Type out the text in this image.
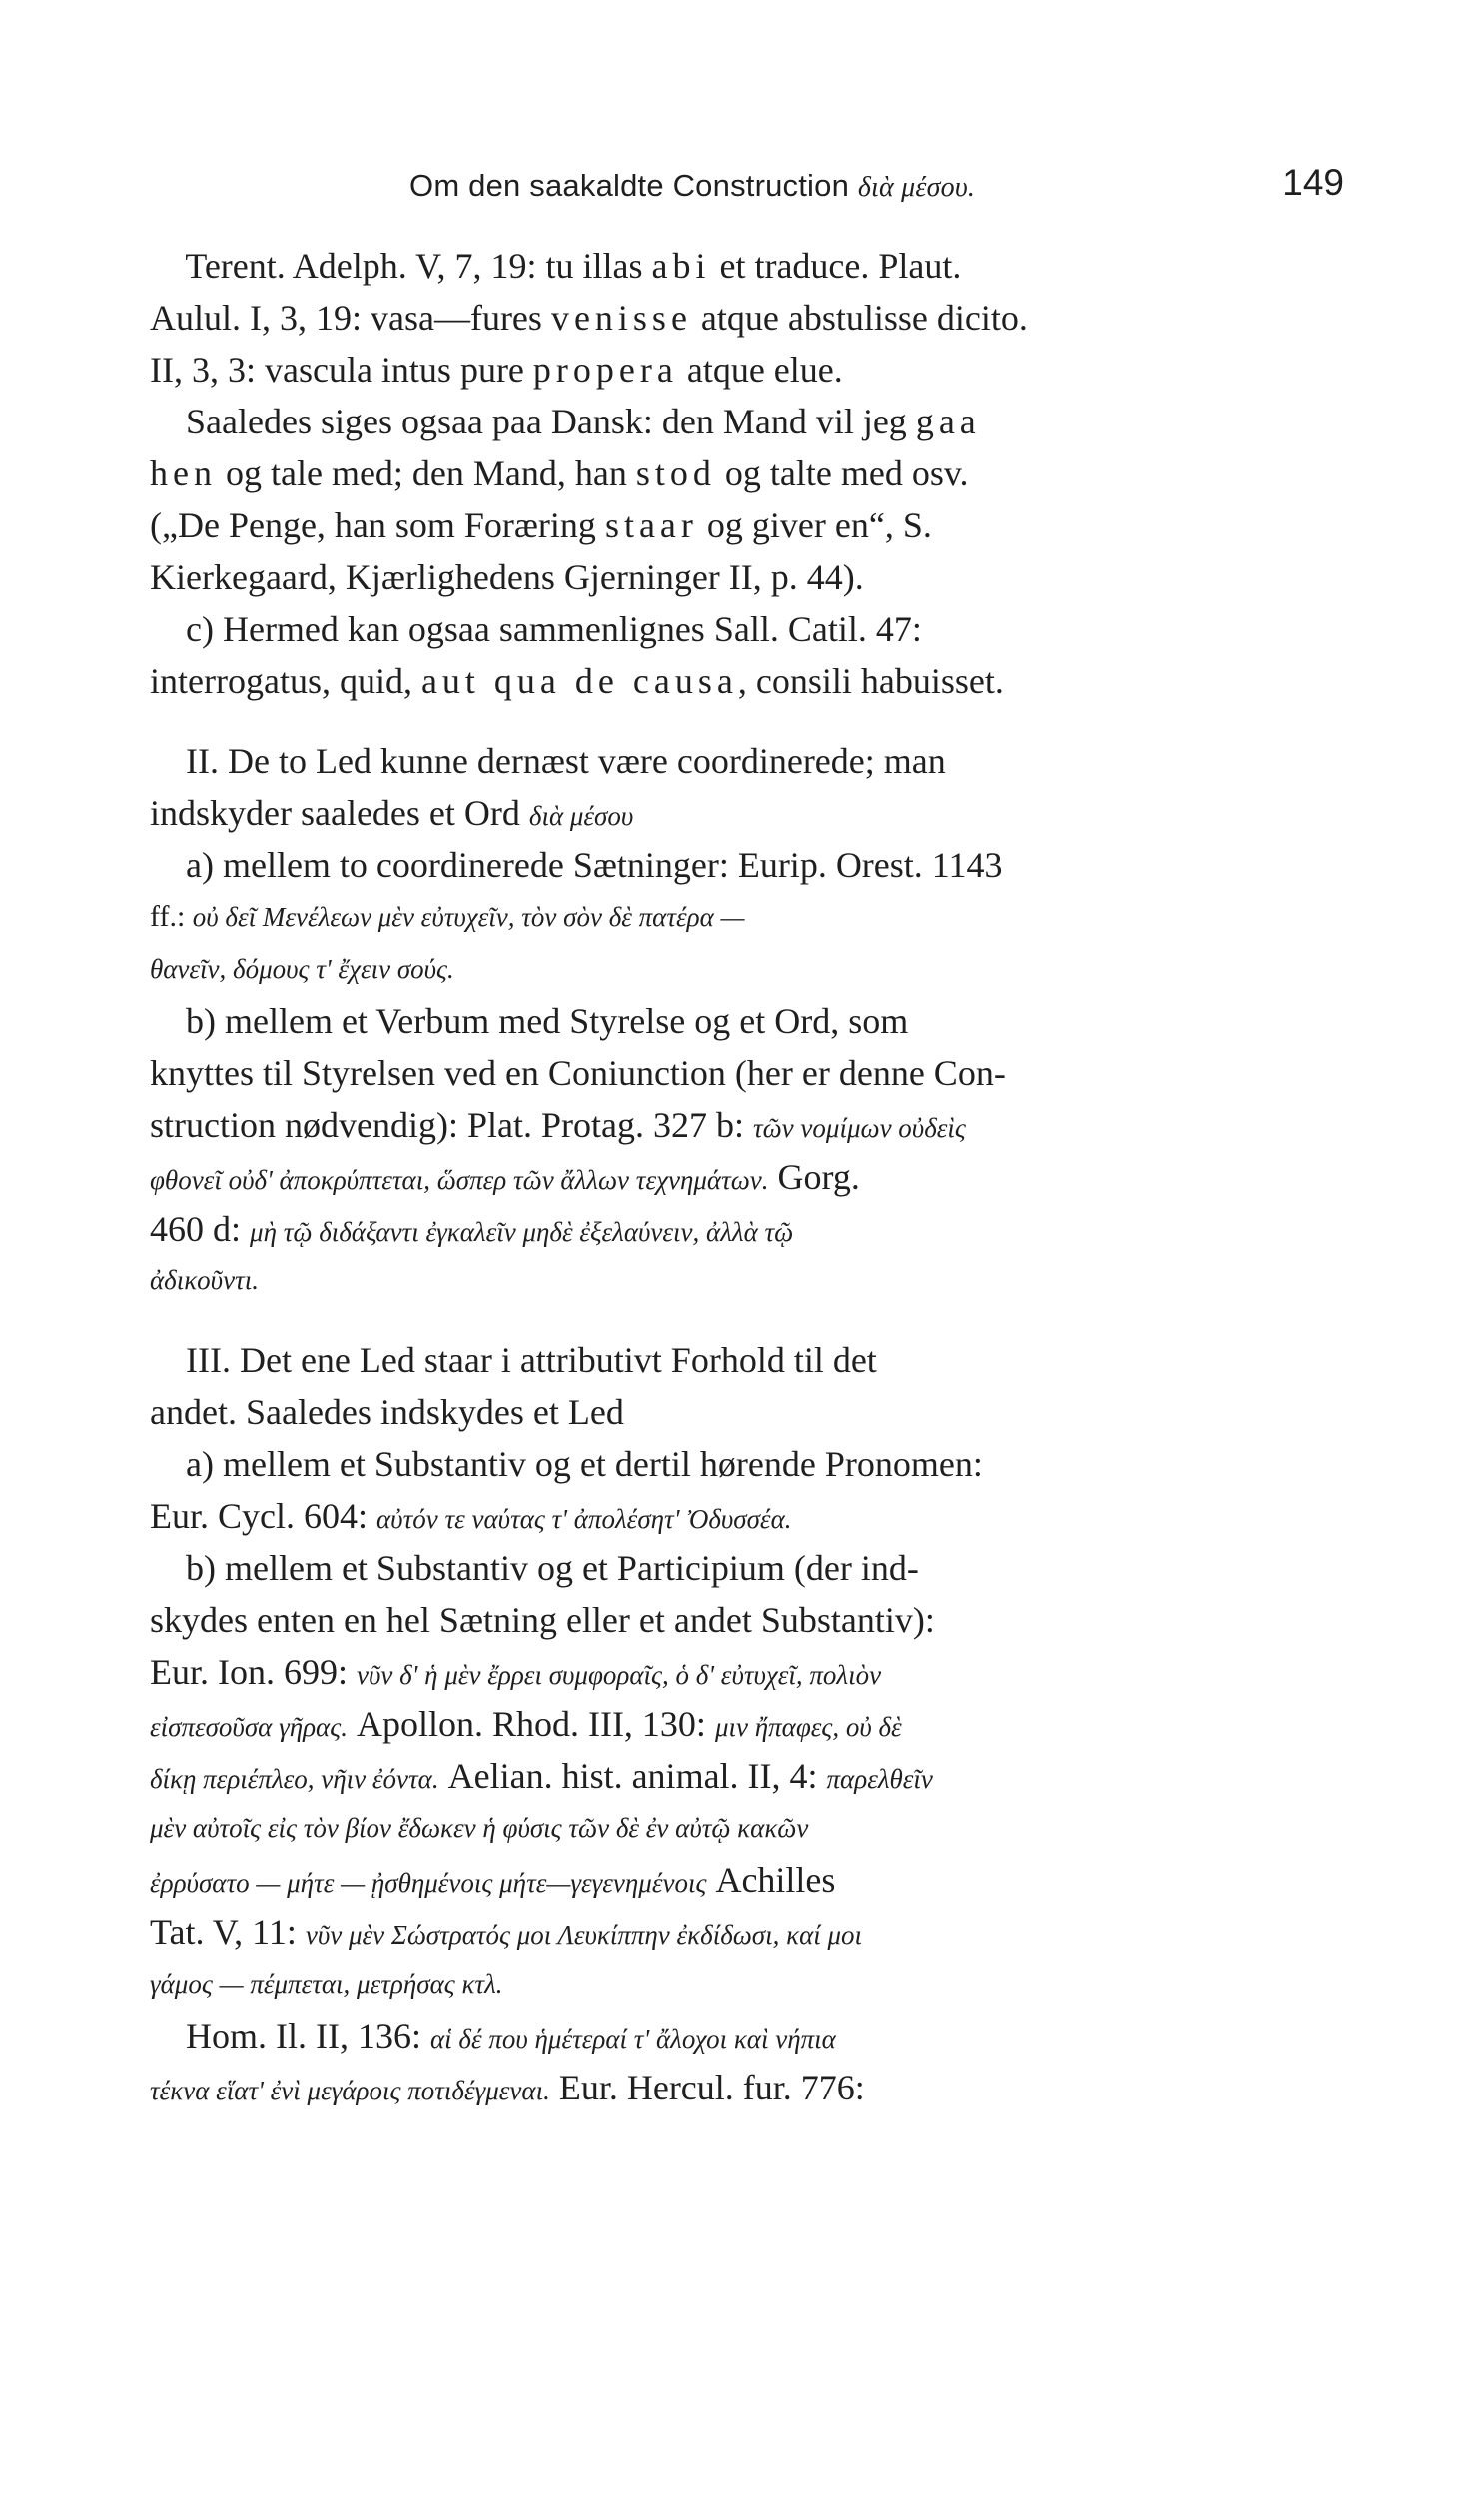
Om den saakaldte Construction διὰ μέσου.	149
Terent. Adelph. V, 7, 19: tu illas abi et traduce. Plaut.
Aulul. I, 3, 19: vasa—fures venisse atque abstulisse dicito.
II, 3, 3: vascula intus pure propera atque elue.
Saaledes siges ogsaa paa Dansk: den Mand vil jeg gaa
hen og tale med; den Mand, han stod og talte med osv.
(„De Penge, han som Foræring staar og giver en“, S.
Kierkegaard, Kjærlighedens Gjerninger II, p. 44).
c) Hermed kan ogsaa sammenlignes Sall. Catil. 47:
interrogatus, quid, aut qua de causa, consili habuisset.
II. De to Led kunne dernæst være coordinerede; man
indskyder saaledes et Ord διὰ μέσου
a) mellem to coordinerede Sætninger: Eurip. Orest. 1143
ff.: οὐ δεῖ Μενέλεων μὲν εὐτυχεῖν, τὸν σὸν δὲ πατέρα —
θανεῖν, δόμους τ' ἔχειν σούς.
b) mellem et Verbum med Styrelse og et Ord, som
knyttes til Styrelsen ved en Coniunction (her er denne Con-
struction nødvendig): Plat. Protag. 327 b: τῶν νομίμων οὐδεὶς
φθονεῖ οὐδ' ἀποκρύπτεται, ὥσπερ τῶν ἄλλων τεχνημάτων. Gorg.
460 d: μὴ τῷ διδάξαντι ἐγκαλεῖν μηδὲ ἐξελαύνειν, ἀλλὰ τῷ
ἀδικοῦντι.
III. Det ene Led staar i attributivt Forhold til det
andet. Saaledes indskydes et Led
a) mellem et Substantiv og et dertil hørende Pronomen:
Eur. Cycl. 604: αὐτόν τε ναύτας τ' ἀπολέσητ' Ὀδυσσέα.
b) mellem et Substantiv og et Participium (der ind-
skydes enten en hel Sætning eller et andet Substantiv):
Eur. Ion. 699: νῦν δ' ἡ μὲν ἔρρει συμφοραῖς, ὁ δ' εὐτυχεῖ, πολιὸν
εἰσπεσοῦσα γῆρας. Apollon. Rhod. III, 130: μιν ἤπαφες, οὐ δὲ
δίκῃ περιέπλεο, νῆιν ἐόντα. Aelian. hist. animal. II, 4: παρελθεῖν
μὲν αὐτοῖς εἰς τὸν βίον ἔδωκεν ἡ φύσις τῶν δὲ ἐν αὐτῷ κακῶν
ἐρρύσατο — μήτε — ᾐσθημένοις μήτε—γεγενημένοις Achilles
Tat. V, 11: νῦν μὲν Σώστρατός μοι Λευκίππην ἐκδίδωσι, καί μοι
γάμος — πέμπεται, μετρήσας κτλ.
Hom. Il. II, 136: αἱ δέ που ἡμέτεραί τ' ἄλοχοι καὶ νήπια
τέκνα εἵατ' ἐνὶ μεγάροις ποτιδέγμεναι. Eur. Hercul. fur. 776:
